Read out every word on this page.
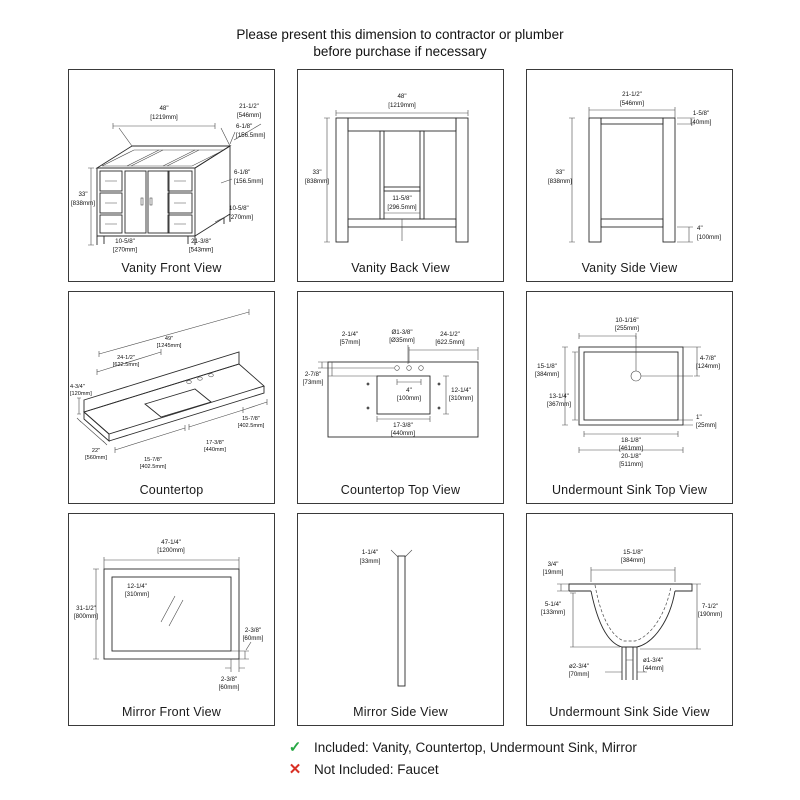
Please present this dimension to contractor or plumber
before purchase if necessary
48"
[1219mm]
21-1/2"
[546mm]
6-1/8"
[156.5mm]
33"
[838mm]
6-1/8"
[156.5mm]
10-5/8"
[270mm]
21-3/8"
[543mm]
10-5/8"
[270mm]
Vanity Front View
48"
[1219mm]
33"
[838mm]
11-5/8"
[296.5mm]
Vanity Back View
21-1/2"
[546mm]
1-5/8"
[40mm]
33"
[838mm]
4"
[100mm]
Vanity Side View
49"
[1245mm]
24-1/2"
[622.5mm]
4-3/4"
[120mm]
22"
[560mm]	15-7/8"
[402.5mm]
17-3/8"
[440mm]
15-7/8"
[402.5mm]
Countertop
2-1/4"
[57mm]
Ø1-3/8"
[Ø35mm]
24-1/2"
[622.5mm]
2-7/8"
[73mm]
4"
[100mm]
12-1/4"
[310mm]
17-3/8"
[440mm]
Countertop Top View
10-1/16"
[255mm]
4-7/8"
[124mm]
15-1/8"
[384mm]
13-1/4"
[367mm]
1"
[25mm]
18-1/8"
[461mm]
20-1/8"
[511mm]
Undermount Sink Top View
47-1/4"
[1200mm]
12-1/4"
[310mm]
31-1/2"
[800mm]
2-3/8"
[60mm]
2-3/8"
[60mm]
Mirror Front View
1-1/4"
[33mm]
Mirror Side View
15-1/8"
[384mm]
3/4"
[19mm]
5-1/4"
[133mm]
7-1/2"
[190mm]
ø1-3/4"
[44mm]
ø2-3/4"
[70mm]
Undermount Sink Side View
✓ Included: Vanity, Countertop, Undermount Sink, Mirror
✕ Not Included: Faucet
